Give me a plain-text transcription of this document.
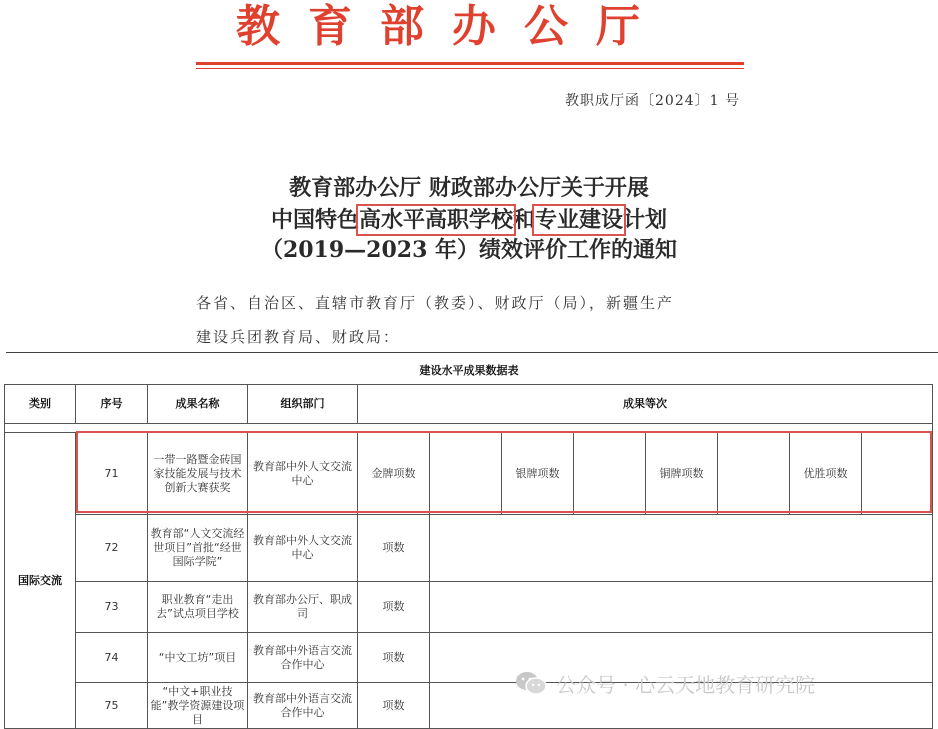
教育部办公厅
教职成厅函〔2024〕1 号
教育部办公厅 财政部办公厅关于开展
中国特色高水平高职学校和专业建设计划
（2019—2023 年）绩效评价工作的通知
各省、自治区、直辖市教育厅（教委）、财政厅（局），新疆生产
建设兵团教育局、财政局：
建设水平成果数据表
类别	序号	成果名称	组织部门	成果等次							

国际交流	71	一带一路暨金砖国家技能发展与技术创新大赛获奖	教育部中外人文交流中心	金牌项数		银牌项数		铜牌项数		优胜项数	
	72	教育部“人文交流经世项目”首批“经世国际学院”	教育部中外人文交流中心	项数							
	73	职业教育“走出去”试点项目学校	教育部办公厅、职成司	项数							
	74	“中文工坊”项目	教育部中外语言交流合作中心	项数							
	75	“中文+职业技能”教学资源建设项目	教育部中外语言交流合作中心	项数							
公众号 · 心云天地教育研究院
